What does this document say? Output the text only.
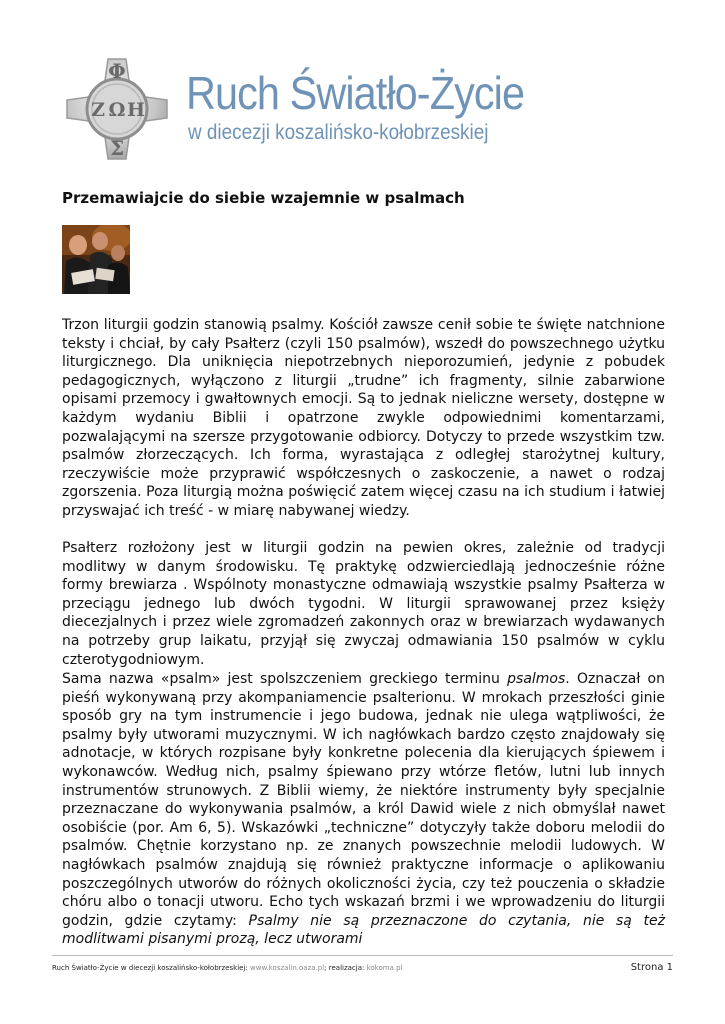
Φ
Ζ Ω Η
Σ
Ruch Światło-Życie
w diecezji koszalińsko-kołobrzeskiej
Przemawiajcie do siebie wzajemnie w psalmach

Trzon liturgii godzin stanowią psalmy. Kościół zawsze cenił sobie te święte natchnione teksty i chciał, by cały Psałterz (czyli 150 psalmów), wszedł do powszechnego użytku liturgicznego. Dla uniknięcia niepotrzebnych nieporozumień, jedynie z pobudek pedagogicznych, wyłączono z liturgii „trudne” ich fragmenty, silnie zabarwione opisami przemocy i gwałtownych emocji. Są to jednak nieliczne wersety, dostępne w każdym wydaniu Biblii i opatrzone zwykle odpowiednimi komentarzami, pozwalającymi na szersze przygotowanie odbiorcy. Dotyczy to przede wszystkim tzw. psalmów złorzeczących. Ich forma, wyrastająca z odległej starożytnej kultury, rzeczywiście może przyprawić współczesnych o zaskoczenie, a nawet o rodzaj zgorszenia. Poza liturgią można poświęcić zatem więcej czasu na ich studium i łatwiej przyswajać ich treść - w miarę nabywanej wiedzy.

Psałterz rozłożony jest w liturgii godzin na pewien okres, zależnie od tradycji modlitwy w danym środowisku. Tę praktykę odzwierciedlają jednocześnie różne formy brewiarza . Wspólnoty monastyczne odmawiają wszystkie psalmy Psałterza w przeciągu jednego lub dwóch tygodni. W liturgii sprawowanej przez księży diecezjalnych i przez wiele zgromadzeń zakonnych oraz w brewiarzach wydawanych na potrzeby grup laikatu, przyjął się zwyczaj odmawiania 150 psalmów w cyklu czterotygodniowym.

Sama nazwa «psalm» jest spolszczeniem greckiego terminu psalmos. Oznaczał on pieśń wykonywaną przy akompaniamencie psalterionu. W mrokach przeszłości ginie sposób gry na tym instrumencie i jego budowa, jednak nie ulega wątpliwości, że psalmy były utworami muzycznymi. W ich nagłówkach bardzo często znajdowały się adnotacje, w których rozpisane były konkretne polecenia dla kierujących śpiewem i wykonawców. Według nich, psalmy śpiewano przy wtórze fletów, lutni lub innych instrumentów strunowych. Z Biblii wiemy, że niektóre instrumenty były specjalnie przeznaczane do wykonywania psalmów, a król Dawid wiele z nich obmyślał nawet osobiście (por. Am 6, 5). Wskazówki „techniczne” dotyczyły także doboru melodii do psalmów. Chętnie korzystano np. ze znanych powszechnie melodii ludowych. W nagłówkach psalmów znajdują się również praktyczne informacje o aplikowaniu poszczególnych utworów do różnych okoliczności życia, czy też pouczenia o składzie chóru albo o tonacji utworu. Echo tych wskazań brzmi i we wprowadzeniu do liturgii godzin, gdzie czytamy: Psalmy nie są przeznaczone do czytania, nie są też modlitwami pisanymi prozą, lecz utworami

Ruch Światło-Życie w diecezji koszalińsko-kołobrzeskiej: www.koszalin.oaza.pl; realizacja: kokoma.pl	Strona 1
